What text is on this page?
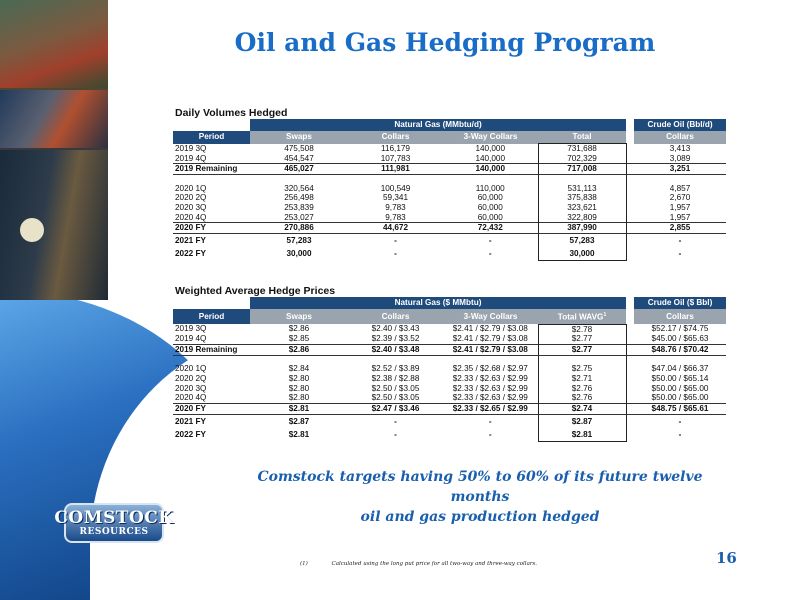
COMSTOCK
RESOURCES
Oil and Gas Hedging Program
Daily Volumes Hedged
	Natural Gas (MMbtu/d)					Crude Oil (Bbl/d)
Period	Swaps	Collars	3-Way Collars	Total		Collars
2019 3Q	475,508	116,179	140,000	731,688		3,413
2019 4Q	454,547	107,783	140,000	702,329		3,089
2019 Remaining	465,027	111,981	140,000	717,008		3,251

2020 1Q	320,564	100,549	110,000	531,113		4,857
2020 2Q	256,498	59,341	60,000	375,838		2,670
2020 3Q	253,839	9,783	60,000	323,621		1,957
2020 4Q	253,027	9,783	60,000	322,809		1,957
2020 FY	270,886	44,672	72,432	387,990		2,855
2021 FY	57,283	-	-	57,283		-
2022 FY	30,000	-	-	30,000		-
Weighted Average Hedge Prices
	Natural Gas ($ MMbtu)					Crude Oil ($ Bbl)
Period	Swaps	Collars	3-Way Collars	Total WAVG$^1$		Collars
2019 3Q	$2.86	$2.40 / $3.43	$2.41 / $2.79 / $3.08	$2.78		$52.17 / $74.75
2019 4Q	$2.85	$2.39 / $3.52	$2.41 / $2.79 / $3.08	$2.77		$45.00 / $65.63
2019 Remaining	$2.86	$2.40 / $3.48	$2.41 / $2.79 / $3.08	$2.77		$48.76 / $70.42

2020 1Q	$2.84	$2.52 / $3.89	$2.35 / $2.68 / $2.97	$2.75		$47.04 / $66.37
2020 2Q	$2.80	$2.38 / $2.88	$2.33 / $2.63 / $2.99	$2.71		$50.00 / $65.14
2020 3Q	$2.80	$2.50 / $3.05	$2.33 / $2.63 / $2.99	$2.76		$50.00 / $65.00
2020 4Q	$2.80	$2.50 / $3.05	$2.33 / $2.63 / $2.99	$2.76		$50.00 / $65.00
2020 FY	$2.81	$2.47 / $3.46	$2.33 / $2.65 / $2.99	$2.74		$48.75 / $65.61
2021 FY	$2.87	-	-	$2.87		-
2022 FY	$2.81	-	-	$2.81		-
Comstock targets having 50% to 60% of its future twelve months
oil and gas production hedged
(1)	Calculated using the long put price for all two-way and three-way collars.	16
